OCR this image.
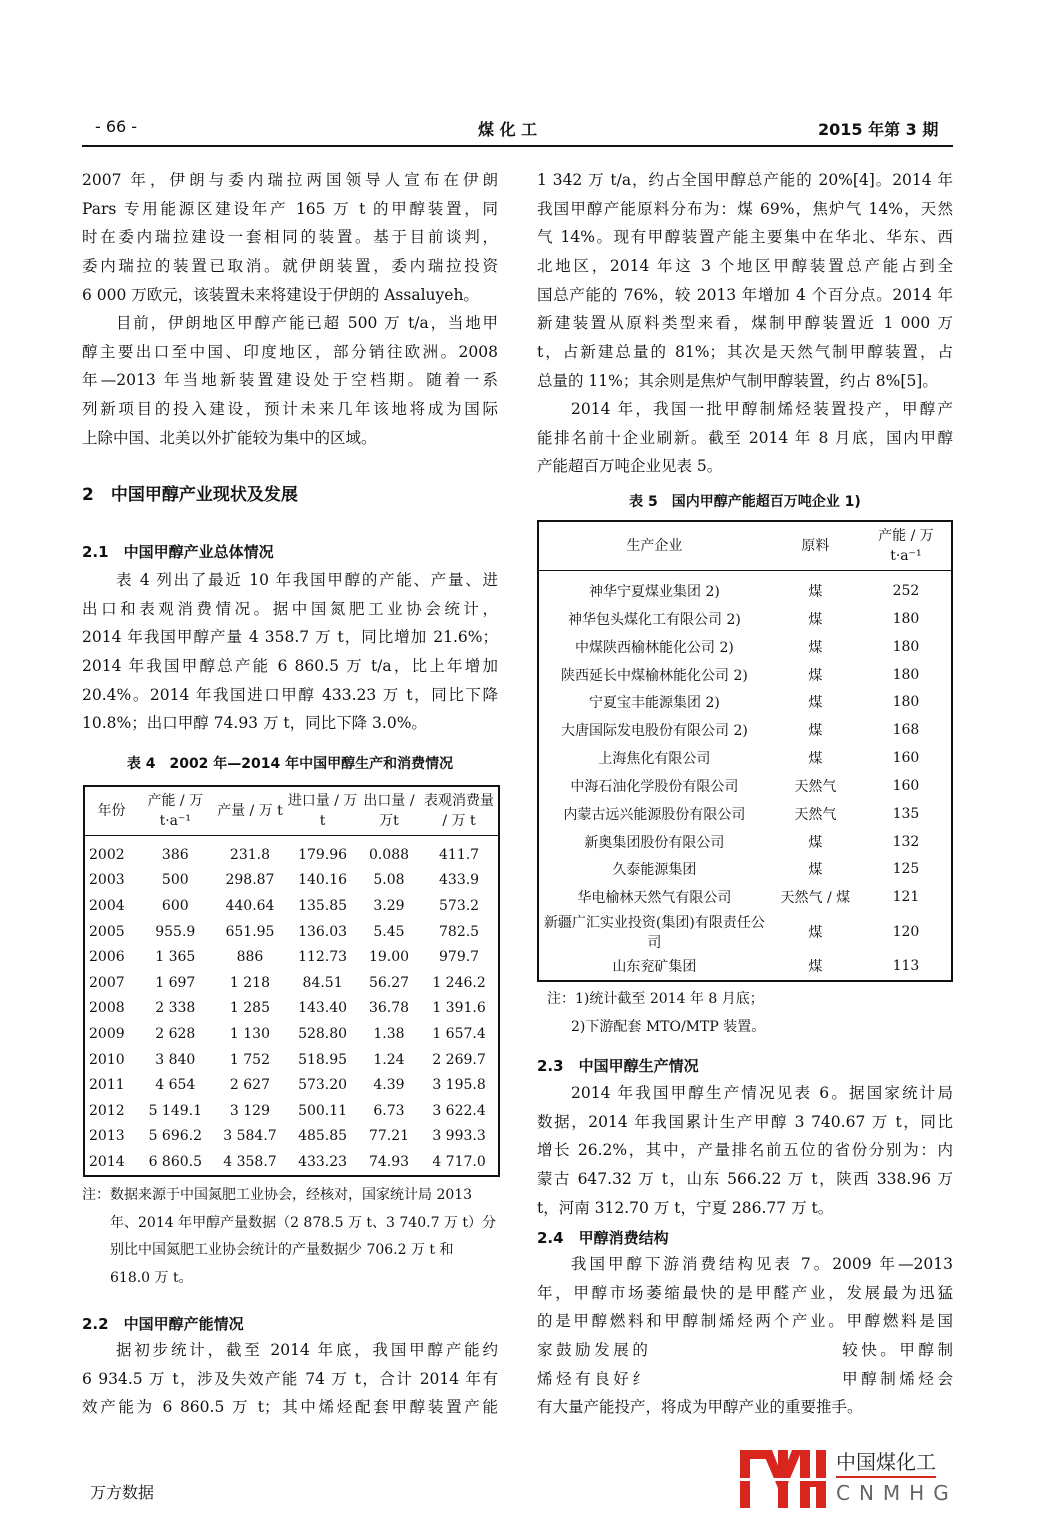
- 66 -	煤 化 工	2015 年第 3 期
2007 年，伊朗与委内瑞拉两国领导人宣布在伊朗
Pars 专用能源区建设年产 165 万 t 的甲醇装置，同
时在委内瑞拉建设一套相同的装置。基于目前谈判，
委内瑞拉的装置已取消。就伊朗装置，委内瑞拉投资
6 000 万欧元，该装置未来将建设于伊朗的 Assaluyeh。
目前，伊朗地区甲醇产能已超 500 万 t/a，当地甲
醇主要出口至中国、印度地区，部分销往欧洲。2008
年—2013 年当地新装置建设处于空档期。随着一系
列新项目的投入建设，预计未来几年该地将成为国际
上除中国、北美以外扩能较为集中的区域。
2　中国甲醇产业现状及发展
2.1　中国甲醇产业总体情况
表 4 列出了最近 10 年我国甲醇的产能、产量、进
出口和表观消费情况。据中国氮肥工业协会统计，
2014 年我国甲醇产量 4 358.7 万 t，同比增加 21.6%；
2014 年我国甲醇总产能 6 860.5 万 t/a，比上年增加
20.4%。2014 年我国进口甲醇 433.23 万 t，同比下降
10.8%；出口甲醇 74.93 万 t，同比下降 3.0%。
表 4　2002 年—2014 年中国甲醇生产和消费情况
年份	产能 / 万 t·a⁻¹	产量 / 万 t	进口量 / 万t	出口量 / 万t	表观消费量 / 万 t
2002	386	231.8	179.96	0.088	411.7
2003	500	298.87	140.16	5.08	433.9
2004	600	440.64	135.85	3.29	573.2
2005	955.9	651.95	136.03	5.45	782.5
2006	1 365	886	112.73	19.00	979.7
2007	1 697	1 218	84.51	56.27	1 246.2
2008	2 338	1 285	143.40	36.78	1 391.6
2009	2 628	1 130	528.80	1.38	1 657.4
2010	3 840	1 752	518.95	1.24	2 269.7
2011	4 654	2 627	573.20	4.39	3 195.8
2012	5 149.1	3 129	500.11	6.73	3 622.4
2013	5 696.2	3 584.7	485.85	77.21	3 993.3
2014	6 860.5	4 358.7	433.23	74.93	4 717.0
注：数据来源于中国氮肥工业协会，经核对，国家统计局 2013
年、2014 年甲醇产量数据（2 878.5 万 t、3 740.7 万 t）分
别比中国氮肥工业协会统计的产量数据少 706.2 万 t 和
618.0 万 t。
2.2　中国甲醇产能情况
据初步统计，截至 2014 年底，我国甲醇产能约
6 934.5 万 t，涉及失效产能 74 万 t，合计 2014 年有
效产能为 6 860.5 万 t；其中烯烃配套甲醇装置产能
1 342 万 t/a，约占全国甲醇总产能的 20%[4]。2014 年
我国甲醇产能原料分布为：煤 69%，焦炉气 14%，天然
气 14%。现有甲醇装置产能主要集中在华北、华东、西
北地区，2014 年这 3 个地区甲醇装置总产能占到全
国总产能的 76%，较 2013 年增加 4 个百分点。2014 年
新建装置从原料类型来看，煤制甲醇装置近 1 000 万
t，占新建总量的 81%；其次是天然气制甲醇装置，占
总量的 11%；其余则是焦炉气制甲醇装置，约占 8%[5]。
2014 年，我国一批甲醇制烯烃装置投产，甲醇产
能排名前十企业刷新。截至 2014 年 8 月底，国内甲醇
产能超百万吨企业见表 5。
表 5　国内甲醇产能超百万吨企业 1)
生产企业	原料	产能 / 万 t·a⁻¹
神华宁夏煤业集团 2)	煤	252
神华包头煤化工有限公司 2)	煤	180
中煤陕西榆林能化公司 2)	煤	180
陕西延长中煤榆林能化公司 2)	煤	180
宁夏宝丰能源集团 2)	煤	180
大唐国际发电股份有限公司 2)	煤	168
上海焦化有限公司	煤	160
中海石油化学股份有限公司	天然气	160
内蒙古远兴能源股份有限公司	天然气	135
新奥集团股份有限公司	煤	132
久泰能源集团	煤	125
华电榆林天然气有限公司	天然气 / 煤	121
新疆广汇实业投资(集团)有限责任公司	煤	120
山东兖矿集团	煤	113
注：1)统计截至 2014 年 8 月底；
2)下游配套 MTO/MTP 装置。
2.3　中国甲醇生产情况
2014 年我国甲醇生产情况见表 6。据国家统计局
数据，2014 年我国累计生产甲醇 3 740.67 万 t，同比
增长 26.2%，其中，产量排名前五位的省份分别为：内
蒙古 647.32 万 t，山东 566.22 万 t，陕西 338.96 万
t，河南 312.70 万 t，宁夏 286.77 万 t。
2.4　甲醇消费结构
我国甲醇下游消费结构见表 7。2009 年—2013
年，甲醇市场萎缩最快的是甲醛产业，发展最为迅猛
的是甲醇燃料和甲醇制烯烃两个产业。甲醇燃料是国
家鼓励发展的　　　　　　　　　　较快。甲醇制
烯烃有良好纟　　　　　　　　　　甲醇制烯烃会
有大量产能投产，将成为甲醇产业的重要推手。
中国煤化工
CNMHG
万方数据
